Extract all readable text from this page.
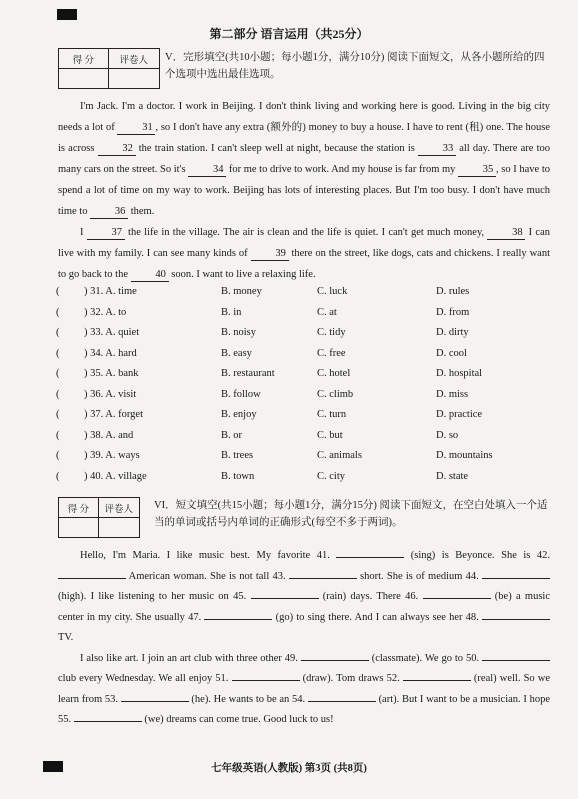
第二部分 语言运用（共25分）
得 分	评卷人
	V．完形填空(共10小题；每小题1分，满分10分) 阅读下面短文，从各小题所给的四个选项中选出最佳选项。

I'm Jack. I'm a doctor. I work in Beijing. I don't think living and working here is good. Living in the big city needs a lot of 31 , so I don't have any extra (额外的) money to buy a house. I have to rent (租) one. The house is across 32 the train station. I can't sleep well at night, because the station is 33 all day. There are too many cars on the street. So it's 34 for me to drive to work. And my house is far from my 35 , so I have to spend a lot of time on my way to work. Beijing has lots of interesting places. But I'm too busy. I don't have much time to 36 them.

I 37 the life in the village. The air is clean and the life is quiet. I can't get much money, 38 I can live with my family. I can see many kinds of 39 there on the street, like dogs, cats and chickens. I really want to go back to the 40 soon. I want to live a relaxing life.

( ) 31. A. time	B. money	C. luck	D. rules
( ) 32. A. to	B. in	C. at	D. from
( ) 33. A. quiet	B. noisy	C. tidy	D. dirty
( ) 34. A. hard	B. easy	C. free	D. cool
( ) 35. A. bank	B. restaurant	C. hotel	D. hospital
( ) 36. A. visit	B. follow	C. climb	D. miss
( ) 37. A. forget	B. enjoy	C. turn	D. practice
( ) 38. A. and	B. or	C. but	D. so
( ) 39. A. ways	B. trees	C. animals	D. mountains
( ) 40. A. village	B. town	C. city	D. state
得 分	评卷人
	VI．短文填空(共15小题；每小题1分，满分15分) 阅读下面短文，在空白处填入一个适当的单词或括号内单词的正确形式(每空不多于两词)。

Hello, I'm Maria. I like music best. My favorite 41.	(sing) is Beyonce. She is 42.  American woman. She is not tall 43.	short. She is of medium 44.  (high). I like listening to her music on 45.	(rain) days. There 46.	(be) a music center in my city. She usually 47.	(go) to sing there. And I can always see her 48.  TV.

I also like art. I join an art club with three other 49.	(classmate). We go to 50.  club every Wednesday. We all enjoy 51.	(draw). Tom draws 52.	(real) well. So we learn from 53.	(he). He wants to be an 54.	(art). But I want to be a musician. I hope 55.	(we) dreams can come true. Good luck to us!

七年级英语(人教版) 第3页 (共8页)
